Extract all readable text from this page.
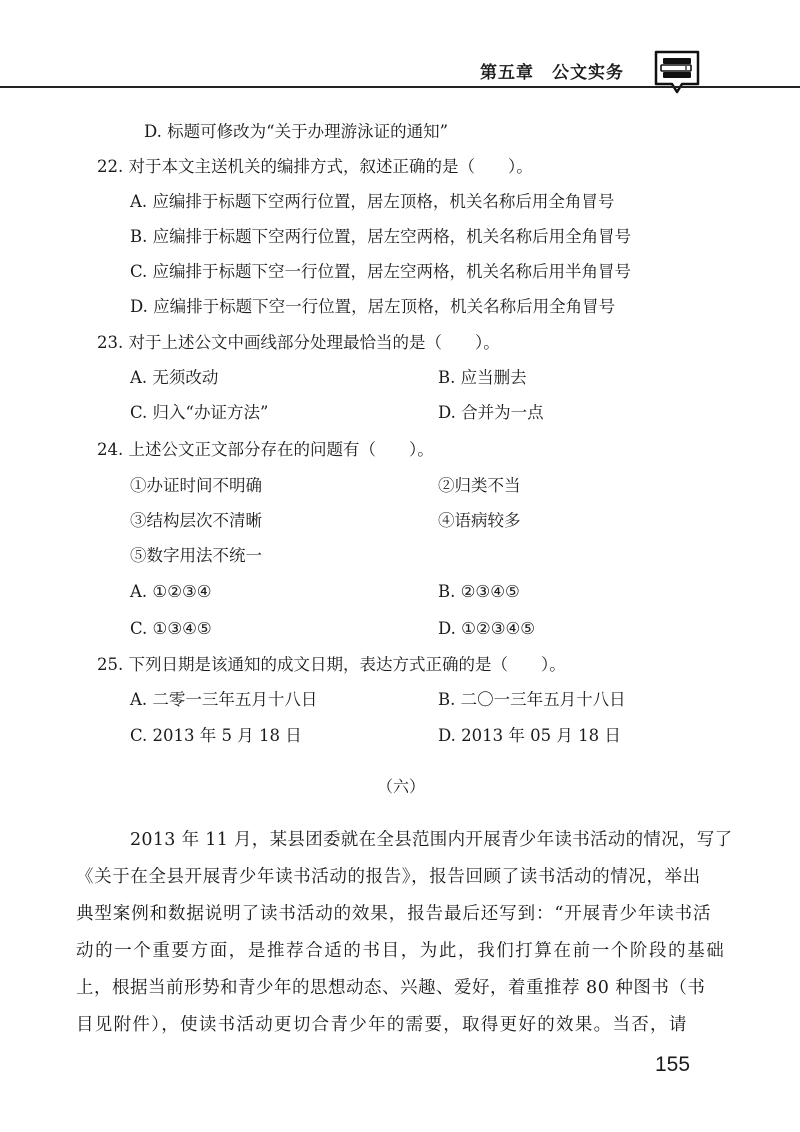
第五章 公文实务
D. 标题可修改为“关于办理游泳证的通知”
22. 对于本文主送机关的编排方式，叙述正确的是（　　）。
A. 应编排于标题下空两行位置，居左顶格，机关名称后用全角冒号
B. 应编排于标题下空两行位置，居左空两格，机关名称后用全角冒号
C. 应编排于标题下空一行位置，居左空两格，机关名称后用半角冒号
D. 应编排于标题下空一行位置，居左顶格，机关名称后用全角冒号
23. 对于上述公文中画线部分处理最恰当的是（　　）。
A. 无须改动	B. 应当删去
C. 归入“办证方法”	D. 合并为一点
24. 上述公文正文部分存在的问题有（　　）。
①办证时间不明确	②归类不当
③结构层次不清晰	④语病较多
⑤数字用法不统一
A. ①②③④	B. ②③④⑤
C. ①③④⑤	D. ①②③④⑤
25. 下列日期是该通知的成文日期，表达方式正确的是（　　）。
A. 二零一三年五月十八日	B. 二〇一三年五月十八日
C. 2013 年 5 月 18 日	D. 2013 年 05 月 18 日
（六）
2013 年 11 月，某县团委就在全县范围内开展青少年读书活动的情况，写了
《关于在全县开展青少年读书活动的报告》，报告回顾了读书活动的情况，举出
典型案例和数据说明了读书活动的效果，报告最后还写到：“开展青少年读书活
动的一个重要方面，是推荐合适的书目，为此，我们打算在前一个阶段的基础
上，根据当前形势和青少年的思想动态、兴趣、爱好，着重推荐 80 种图书（书
目见附件），使读书活动更切合青少年的需要，取得更好的效果。当否，请
155
